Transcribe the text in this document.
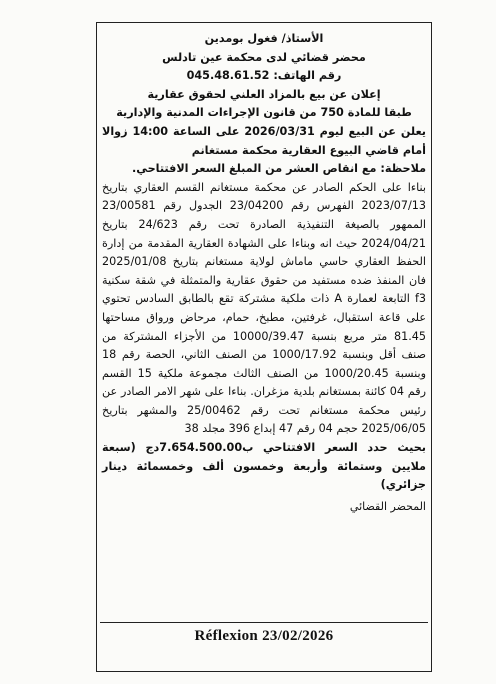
الأستاذ/ فغول بومدين
محضر قضائي لدى محكمة عين تادلس
رقم الهاتف: 045.48.61.52
إعلان عن بيع بالمزاد العلني لحقوق عقارية
طبقا للمادة 750 من قانون الإجراءات المدنية والإدارية

يعلن عن البيع ليوم 2026/03/31 على الساعة 14:00 زوالا أمام قاضي البيوع العقارية محكمة مستغانم

ملاحظة: مع انقاص العشر من المبلغ السعر الافتتاحي.

بناءا على الحكم الصادر عن محكمة مستغانم القسم العقاري بتاريخ 2023/07/13 الفهرس رقم 23/04200 الجدول رقم 23/00581 الممهور بالصيغة التنفيذية الصادرة تحت رقم 24/623 بتاريخ 2024/04/21 حيث انه وبناءا على الشهادة العقارية المقدمة من إدارة الحفظ العقاري حاسي ماماش لولاية مستغانم بتاريخ 2025/01/08 فان المنفذ ضده مستفيد من حقوق عقارية والمتمثلة في شقة سكنية f3 التابعة لعمارة A ذات ملكية مشتركة تقع بالطابق السادس تحتوي على قاعة استقبال، غرفتين، مطبخ، حمام، مرحاض ورواق مساحتها 81.45 متر مربع بنسبة 10000/39.47 من الأجزاء المشتركة من صنف أقل وبنسبة 1000/17.92 من الصنف الثاني، الحصة رقم 18 وبنسبة 1000/20.45 من الصنف الثالث مجموعة ملكية 15 القسم رقم 04 كائنة بمستغانم بلدية مزغران. بناءا على شهر الامر الصادر عن رئيس محكمة مستغانم تحت رقم 25/00462 والمشهر بتاريخ 2025/06/05 حجم 04 رقم 47 إبداع 396 مجلد 38

بحيث حدد السعر الافتتاحي ب7.654.500.00دج (سبعة ملايين وستمائة وأربعة وخمسون ألف وخمسمائة دينار جزائري)

المحضر القضائي
Réflexion 23/02/2026
